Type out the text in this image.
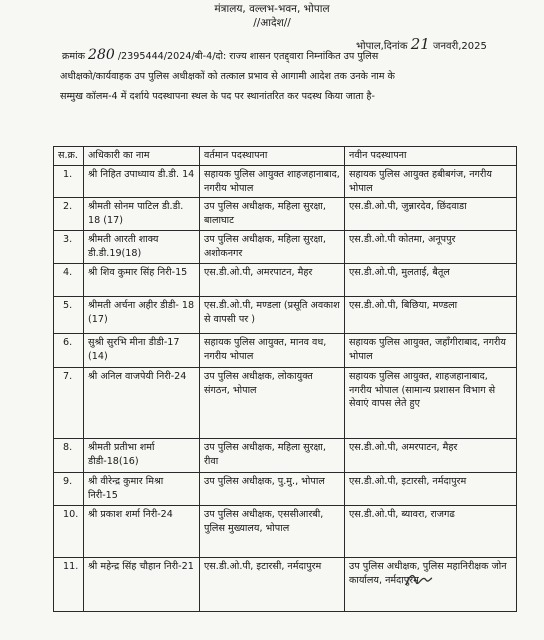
मंत्रालय, वल्लभ-भवन, भोपाल
//आदेश//
भोपाल,दिनांक 21 जनवरी,2025
क्रमांक 280 /2395444/2024/बी-4/दो: राज्य शासन एतद्द्वारा निम्नांकित उप पुलिस
अधीक्षको/कार्यवाहक उप पुलिस अधीक्षकों को तत्काल प्रभाव से आगामी आदेश तक उनके नाम के
सम्मुख कॉलम-4 में दर्शाये पदस्थापना स्थल के पद पर स्थानांतरित कर पदस्थ किया जाता है-
स.क्र.	अधिकारी का नाम	वर्तमान पदस्थापना	नवीन पदस्थापना
1.	श्री निहित उपाध्याय डी.डी. 14	सहायक पुलिस आयुक्त शाहजहानाबाद, नगरीय भोपाल	सहायक पुलिस आयुक्त हबीबगंज, नगरीय भोपाल
2.	श्रीमती सोनम पाटिल डी.डी. 18 (17)	उप पुलिस अधीक्षक, महिला सुरक्षा, बालाघाट	एस.डी.ओ.पी, जुन्नारदेव, छिंदवाडा
3.	श्रीमती आरती शाक्य डी.डी.19(18)	उप पुलिस अधीक्षक, महिला सुरक्षा, अशोकनगर	एस.डी.ओ.पी कोतमा, अनूपपुर
4.	श्री शिव कुमार सिंह निरी-15	एस.डी.ओ.पी, अमरपाटन, मैहर	एस.डी.ओ.पी, मुलताई, बैतूल
5.	श्रीमती अर्चना अहीर डीडी- 18 (17)	एस.डी.ओ.पी, मण्डला (प्रसूति अवकाश से वापसी पर )	एस.डी.ओ.पी, बिछिया, मण्डला
6.	सुश्री सुरभि मीना डीडी-17 (14)	सहायक पुलिस आयुक्त, मानव वध, नगरीय भोपाल	सहायक पुलिस आयुक्त, जहाँगीराबाद, नगरीय भोपाल
7.	श्री अनिल वाजपेयी निरी-24	उप पुलिस अधीक्षक, लोकायुक्त संगठन, भोपाल	सहायक पुलिस आयुक्त, शाहजहानाबाद, नगरीय भोपाल (सामान्य प्रशासन विभाग से सेवाएं वापस लेते हुए
8.	श्रीमती प्रतीभा शर्मा डीडी-18(16)	उप पुलिस अधीक्षक, महिला सुरक्षा, रीवा	एस.डी.ओ.पी, अमरपाटन, मैहर
9.	श्री वीरेन्द्र कुमार मिश्रा निरी-15	उप पुलिस अधीक्षक, पु.मु., भोपाल	एस.डी.ओ.पी, इटारसी, नर्मदापुरम
10.	श्री प्रकाश शर्मा निरी-24	उप पुलिस अधीक्षक, एससीआरबी, पुलिस मुख्यालय, भोपाल	एस.डी.ओ.पी, ब्यावरा, राजगढ
11.	श्री महेन्द्र सिंह चौहान निरी-21	एस.डी.ओ.पी, इटारसी, नर्मदापुरम	उप पुलिस अधीक्षक, पुलिस महानिरीक्षक जोन कार्यालय, नर्मदापुरम
